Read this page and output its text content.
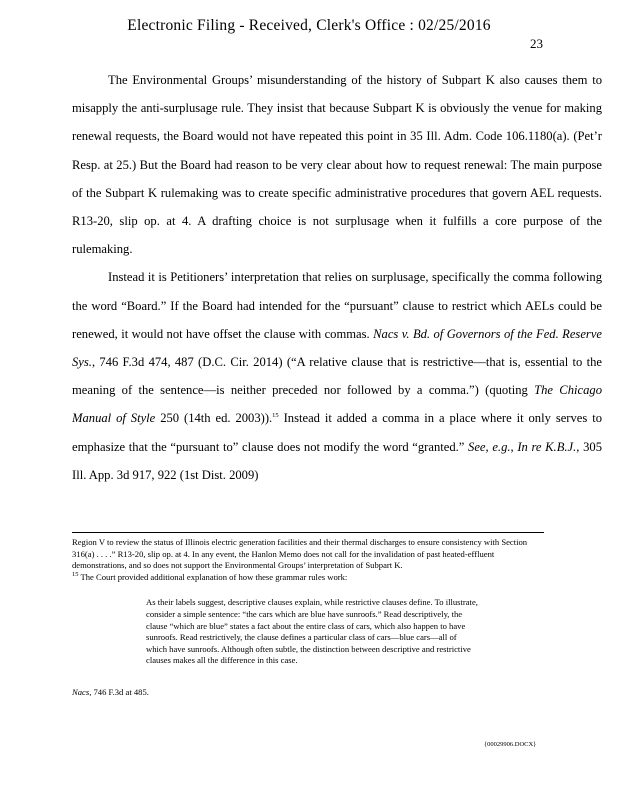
Electronic Filing - Received, Clerk's Office : 02/25/2016
23

The Environmental Groups’ misunderstanding of the history of Subpart K also causes them to misapply the anti-surplusage rule. They insist that because Subpart K is obviously the venue for making renewal requests, the Board would not have repeated this point in 35 Ill. Adm. Code 106.1180(a). (Pet’r Resp. at 25.) But the Board had reason to be very clear about how to request renewal: The main purpose of the Subpart K rulemaking was to create specific administrative procedures that govern AEL requests. R13-20, slip op. at 4. A drafting choice is not surplusage when it fulfills a core purpose of the rulemaking.

Instead it is Petitioners’ interpretation that relies on surplusage, specifically the comma following the word “Board.” If the Board had intended for the “pursuant” clause to restrict which AELs could be renewed, it would not have offset the clause with commas. Nacs v. Bd. of Governors of the Fed. Reserve Sys., 746 F.3d 474, 487 (D.C. Cir. 2014) (“A relative clause that is restrictive—that is, essential to the meaning of the sentence—is neither preceded nor followed by a comma.”) (quoting The Chicago Manual of Style 250 (14th ed. 2003)).$^{15}$ Instead it added a comma in a place where it only serves to emphasize that the “pursuant to” clause does not modify the word “granted.” See, e.g., In re K.B.J., 305 Ill. App. 3d 917, 922 (1st Dist. 2009)

Region V to review the status of Illinois electric generation facilities and their thermal discharges to ensure consistency with Section 316(a) . . . .” R13-20, slip op. at 4. In any event, the Hanlon Memo does not call for the invalidation of past heated-effluent demonstrations, and so does not support the Environmental Groups’ interpretation of Subpart K.

$^{15}$ The Court provided additional explanation of how these grammar rules work:

As their labels suggest, descriptive clauses explain, while restrictive clauses define. To illustrate, consider a simple sentence: “the cars which are blue have sunroofs.” Read descriptively, the clause “which are blue” states a fact about the entire class of cars, which also happen to have sunroofs. Read restrictively, the clause defines a particular class of cars—blue cars—all of which have sunroofs. Although often subtle, the distinction between descriptive and restrictive clauses makes all the difference in this case.

Nacs, 746 F.3d at 485.

{00029906.DOCX}
